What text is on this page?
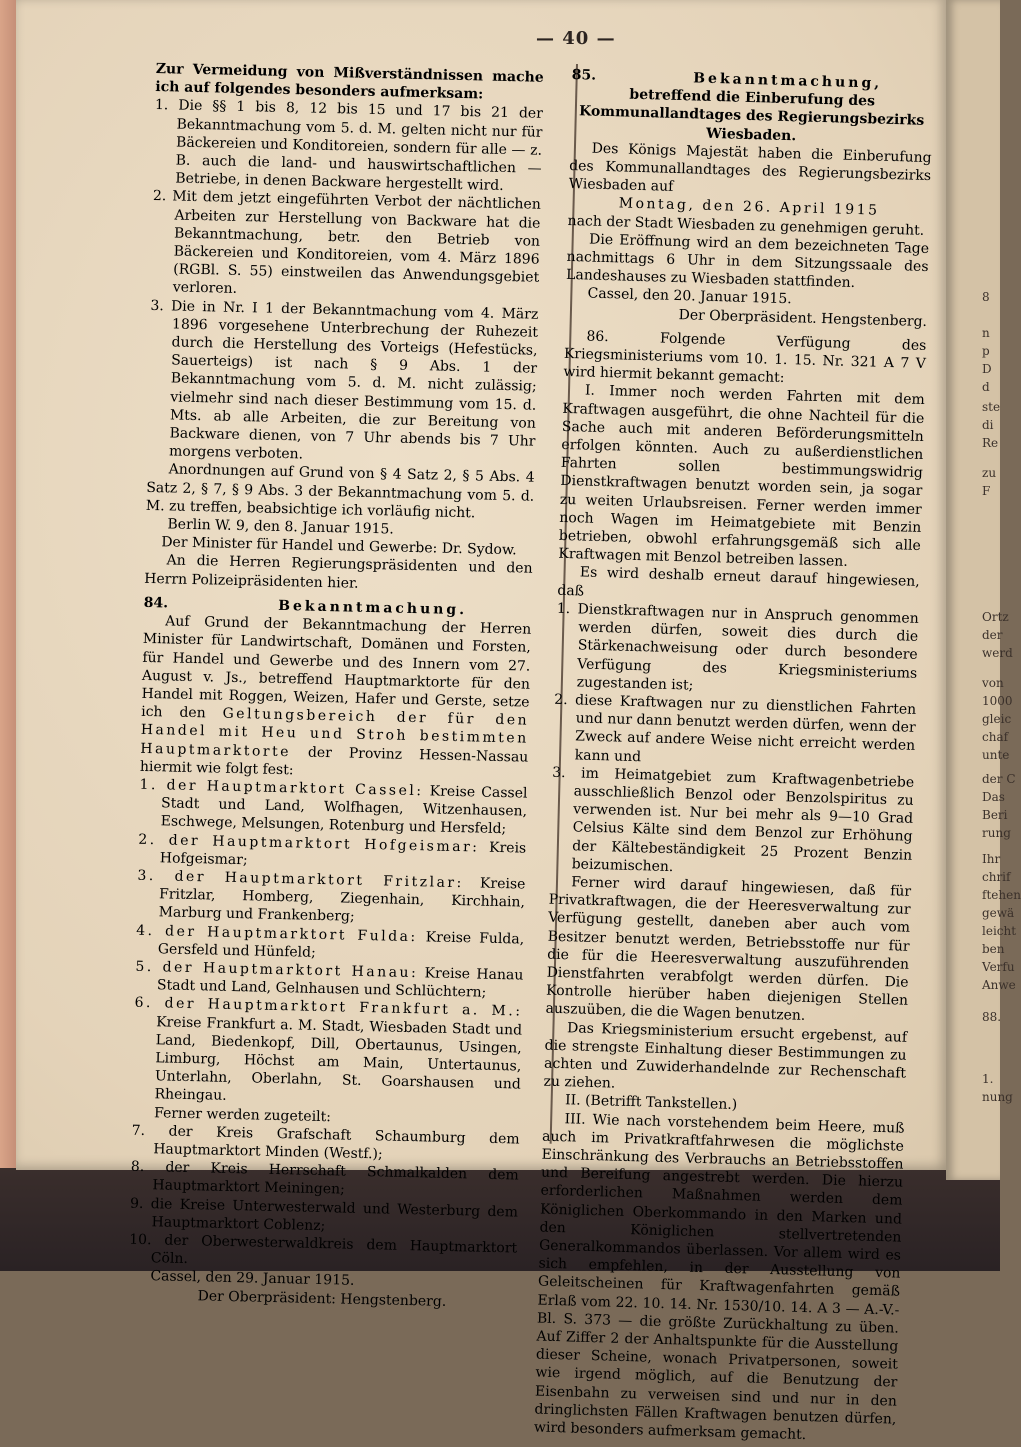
8
n
p
D
d
ste
di
Re
zu
F
Ortz
der
werd
von
1000
gleic
chaf
unte
der C
Das
Beri
rung
Ihr
chrif
ftehen
gewä
leicht
ben
Verfu
Anwe
88.
1.
nung
— 40 —

Zur Vermeidung von Mißverständnissen mache ich auf folgendes besonders aufmerksam:

1. Die §§ 1 bis 8, 12 bis 15 und 17 bis 21 der Bekanntmachung vom 5. d. M. gelten nicht nur für Bäckereien und Konditoreien, sondern für alle — z. B. auch die land- und hauswirtschaftlichen — Betriebe, in denen Backware hergestellt wird.

2. Mit dem jetzt eingeführten Verbot der nächtlichen Arbeiten zur Herstellung von Backware hat die Bekanntmachung, betr. den Betrieb von Bäckereien und Konditoreien, vom 4. März 1896 (RGBl. S. 55) einstweilen das Anwendungsgebiet verloren.

3. Die in Nr. I 1 der Bekanntmachung vom 4. März 1896 vorgesehene Unterbrechung der Ruhezeit durch die Herstellung des Vorteigs (Hefestücks, Sauerteigs) ist nach § 9 Abs. 1 der Bekanntmachung vom 5. d. M. nicht zulässig; vielmehr sind nach dieser Bestimmung vom 15. d. Mts. ab alle Arbeiten, die zur Bereitung von Backware dienen, von 7 Uhr abends bis 7 Uhr morgens verboten.

Anordnungen auf Grund von § 4 Satz 2, § 5 Abs. 4 Satz 2, § 7, § 9 Abs. 3 der Bekanntmachung vom 5. d. M. zu treffen, beabsichtige ich vorläufig nicht.

Berlin W. 9, den 8. Januar 1915.

Der Minister für Handel und Gewerbe: Dr. Sydow.

An die Herren Regierungspräsidenten und den Herrn Polizeipräsidenten hier.

84.	Bekanntmachung.

Auf Grund der Bekanntmachung der Herren Minister für Landwirtschaft, Domänen und Forsten, für Handel und Gewerbe und des Innern vom 27. August v. Js., betreffend Hauptmarktorte für den Handel mit Roggen, Weizen, Hafer und Gerste, setze ich den Geltungsbereich der für den Handel mit Heu und Stroh bestimmten Hauptmarktorte der Provinz Hessen-Nassau hiermit wie folgt fest:

1. der Hauptmarktort Cassel: Kreise Cassel Stadt und Land, Wolfhagen, Witzenhausen, Eschwege, Melsungen, Rotenburg und Hersfeld;

2. der Hauptmarktort Hofgeismar: Kreis Hofgeismar;

3. der Hauptmarktort Fritzlar: Kreise Fritzlar, Homberg, Ziegenhain, Kirchhain, Marburg und Frankenberg;

4. der Hauptmarktort Fulda: Kreise Fulda, Gersfeld und Hünfeld;

5. der Hauptmarktort Hanau: Kreise Hanau Stadt und Land, Gelnhausen und Schlüchtern;

6. der Hauptmarktort Frankfurt a. M.: Kreise Frankfurt a. M. Stadt, Wiesbaden Stadt und Land, Biedenkopf, Dill, Obertaunus, Usingen, Limburg, Höchst am Main, Untertaunus, Unterlahn, Oberlahn, St. Goarshausen und Rheingau.

Ferner werden zugeteilt:

7. der Kreis Grafschaft Schaumburg dem Hauptmarktort Minden (Westf.);

8. der Kreis Herrschaft Schmalkalden dem Hauptmarktort Meiningen;

9. die Kreise Unterwesterwald und Westerburg dem Hauptmarktort Coblenz;

10. der Oberwesterwaldkreis dem Hauptmarktort Cöln.

Cassel, den 29. Januar 1915.

Der Oberpräsident: Hengstenberg.

85.	Bekanntmachung,

betreffend die Einberufung des Kommunallandtages des Regierungsbezirks Wiesbaden.

Des Königs Majestät haben die Einberufung des Kommunallandtages des Regierungsbezirks Wiesbaden auf

Montag, den 26. April 1915

nach der Stadt Wiesbaden zu genehmigen geruht.

Die Eröffnung wird an dem bezeichneten Tage nachmittags 6 Uhr in dem Sitzungssaale des Landeshauses zu Wiesbaden stattfinden.

Cassel, den 20. Januar 1915.

Der Oberpräsident. Hengstenberg.

86. Folgende Verfügung des Kriegsministeriums vom 10. 1. 15. Nr. 321 A 7 V wird hiermit bekannt gemacht:

I. Immer noch werden Fahrten mit dem Kraftwagen ausgeführt, die ohne Nachteil für die Sache auch mit anderen Beförderungsmitteln erfolgen könnten. Auch zu außerdienstlichen Fahrten sollen bestimmungswidrig Dienstkraftwagen benutzt worden sein, ja sogar zu weiten Urlaubsreisen. Ferner werden immer noch Wagen im Heimatgebiete mit Benzin betrieben, obwohl erfahrungsgemäß sich alle Kraftwagen mit Benzol betreiben lassen.

Es wird deshalb erneut darauf hingewiesen, daß

1. Dienstkraftwagen nur in Anspruch genommen werden dürfen, soweit dies durch die Stärkenachweisung oder durch besondere Verfügung des Kriegsministeriums zugestanden ist;

2. diese Kraftwagen nur zu dienstlichen Fahrten und nur dann benutzt werden dürfen, wenn der Zweck auf andere Weise nicht erreicht werden kann und

3. im Heimatgebiet zum Kraftwagenbetriebe ausschließlich Benzol oder Benzolspiritus zu verwenden ist. Nur bei mehr als 9—10 Grad Celsius Kälte sind dem Benzol zur Erhöhung der Kältebeständigkeit 25 Prozent Benzin beizumischen.

Ferner wird darauf hingewiesen, daß für Privatkraftwagen, die der Heeresverwaltung zur Verfügung gestellt, daneben aber auch vom Besitzer benutzt werden, Betriebsstoffe nur für die für die Heeresverwaltung auszuführenden Dienstfahrten verabfolgt werden dürfen. Die Kontrolle hierüber haben diejenigen Stellen auszuüben, die die Wagen benutzen.

Das Kriegsministerium ersucht ergebenst, auf die strengste Einhaltung dieser Bestimmungen zu achten und Zuwiderhandelnde zur Rechenschaft zu ziehen.

II. (Betrifft Tankstellen.)

III. Wie nach vorstehendem beim Heere, muß auch im Privatkraftfahrwesen die möglichste Einschränkung des Verbrauchs an Betriebsstoffen und Bereifung angestrebt werden. Die hierzu erforderlichen Maßnahmen werden dem Königlichen Oberkommando in den Marken und den Königlichen stellvertretenden Generalkommandos überlassen. Vor allem wird es sich empfehlen, in der Ausstellung von Geleitscheinen für Kraftwagenfahrten gemäß Erlaß vom 22. 10. 14. Nr. 1530/10. 14. A 3 — A.-V.-Bl. S. 373 — die größte Zurückhaltung zu üben. Auf Ziffer 2 der Anhaltspunkte für die Ausstellung dieser Scheine, wonach Privatpersonen, soweit wie irgend möglich, auf die Benutzung der Eisenbahn zu verweisen sind und nur in den dringlichsten Fällen Kraftwagen benutzen dürfen, wird besonders aufmerksam gemacht.
